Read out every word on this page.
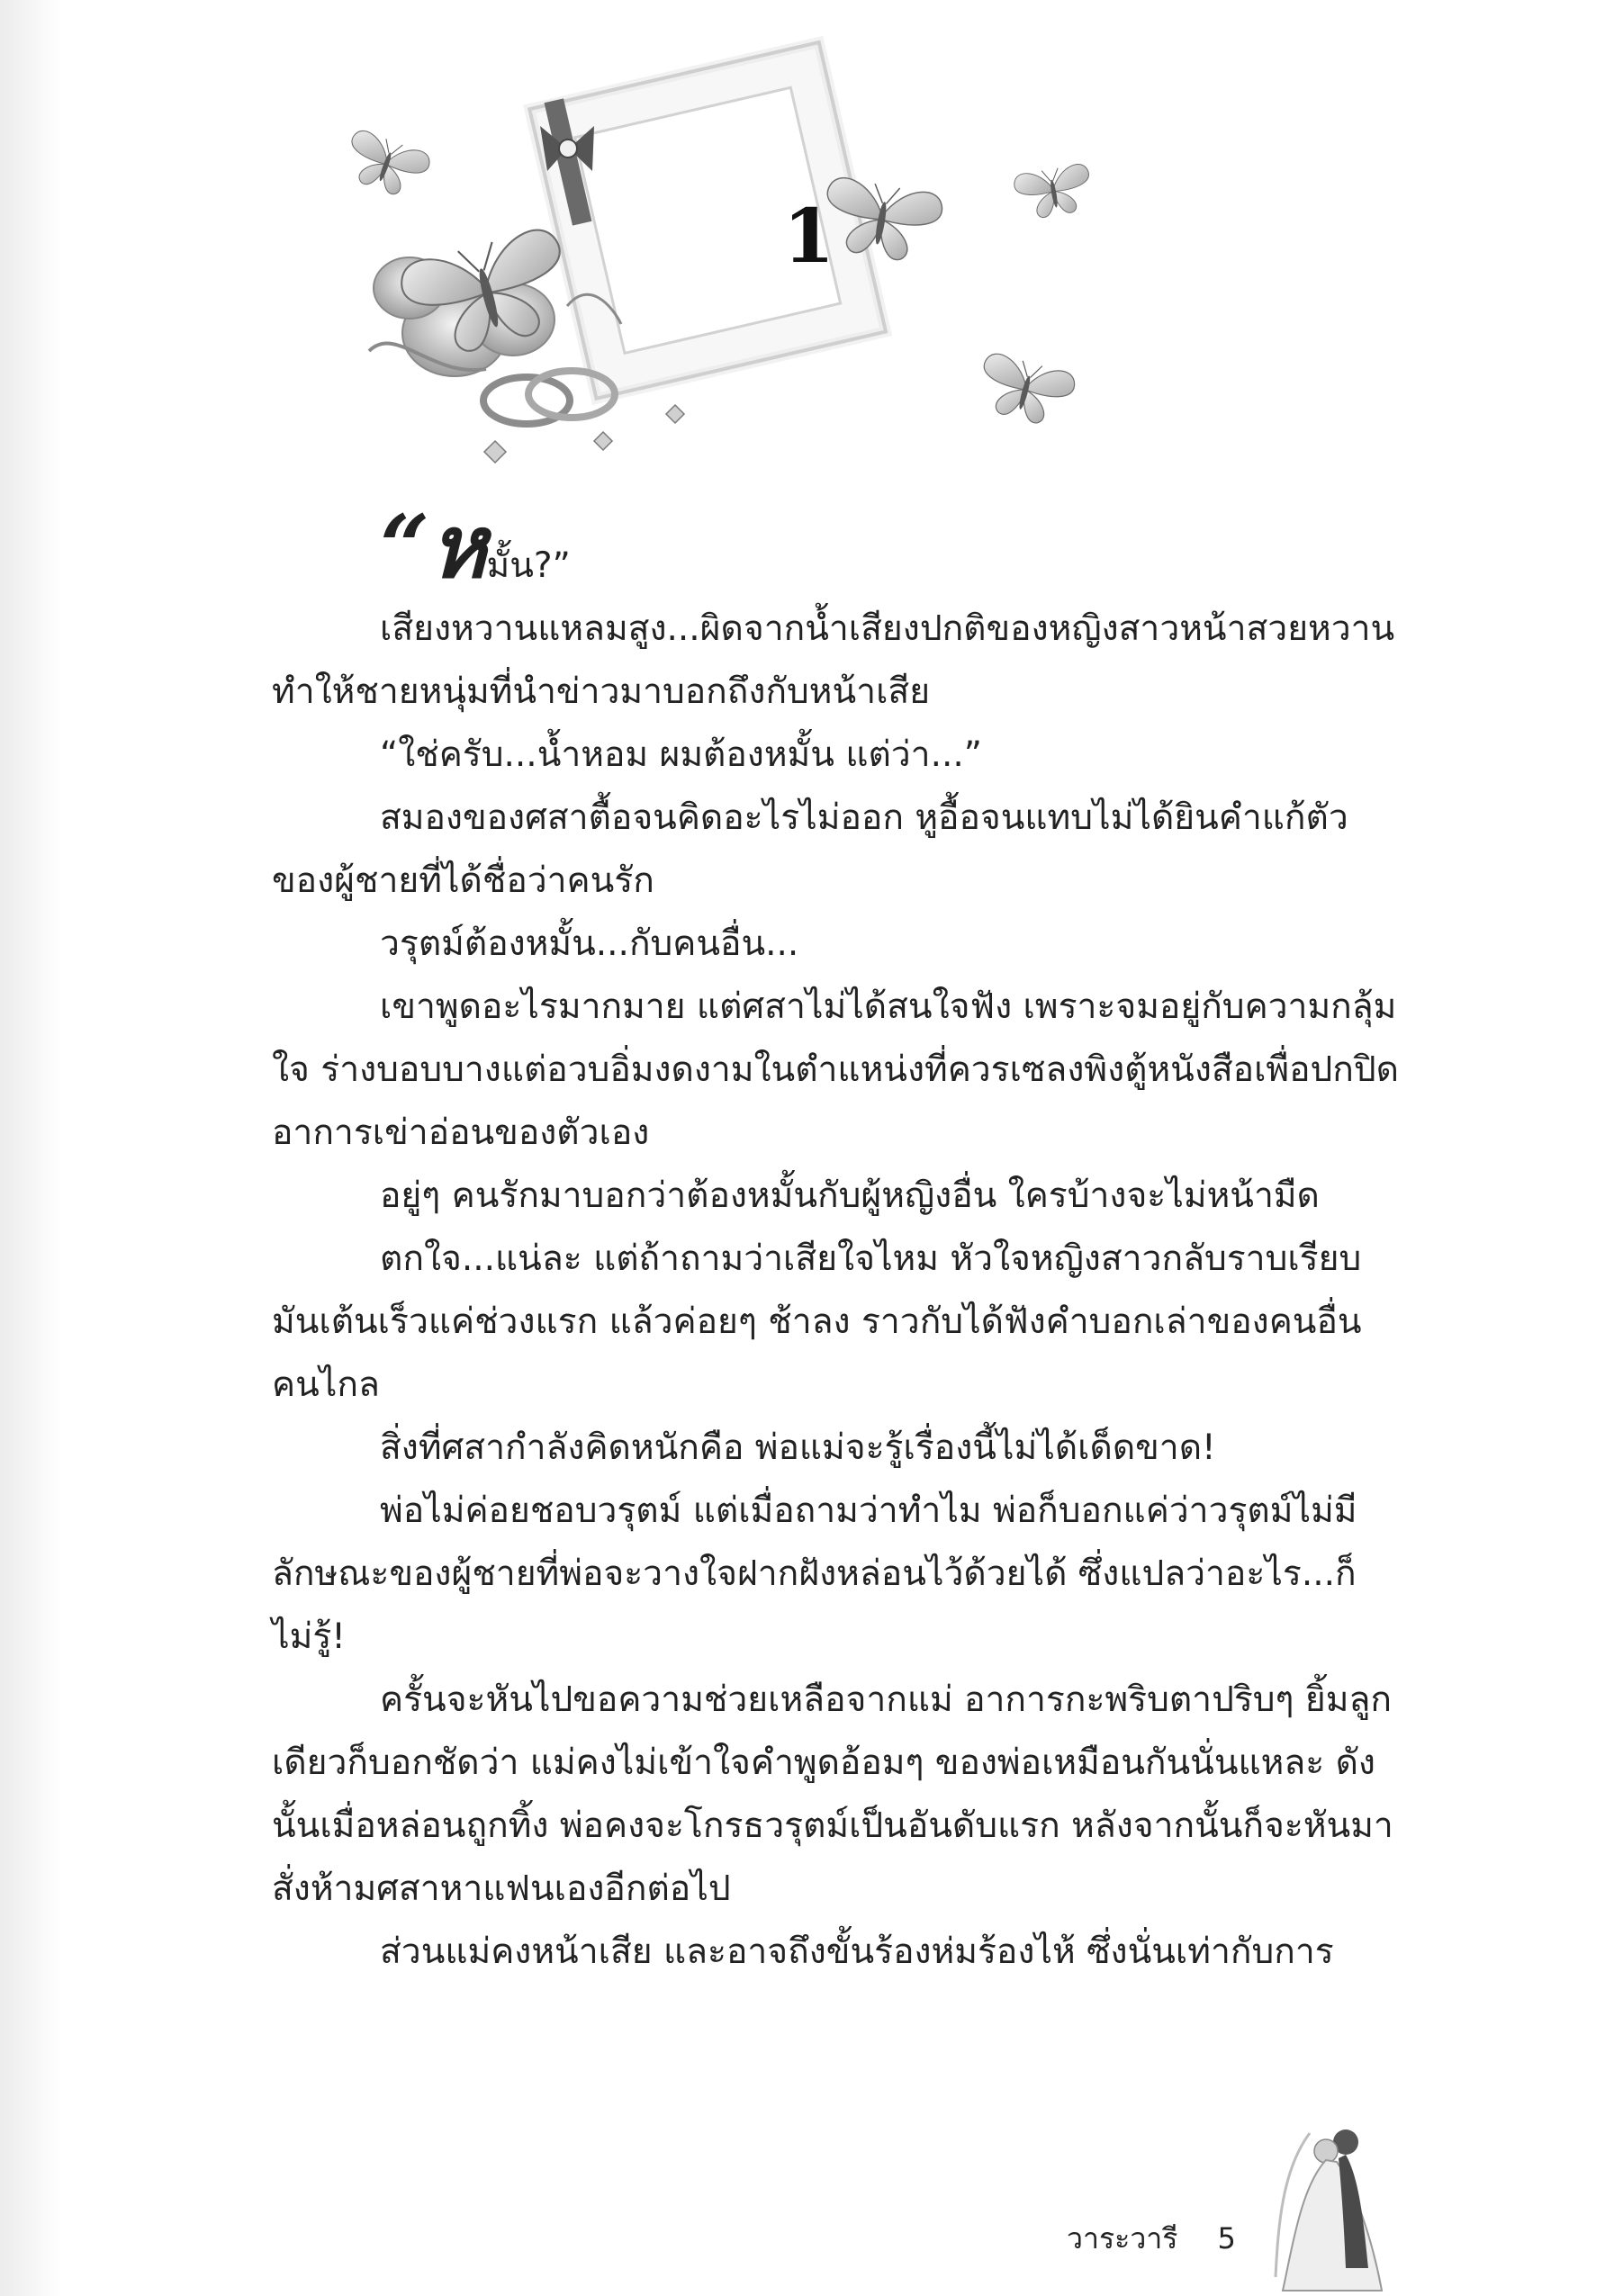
1
“หมั้น?”

เสียงหวานแหลมสูง...ผิดจากน้ำเสียงปกติของหญิงสาวหน้าสวยหวาน ทำให้ชายหนุ่มที่นำข่าวมาบอกถึงกับหน้าเสีย

“ใช่ครับ...น้ำหอม ผมต้องหมั้น แต่ว่า...”

สมองของศสาตื้อจนคิดอะไรไม่ออก หูอื้อจนแทบไม่ได้ยินคำแก้ตัวของผู้ชายที่ได้ชื่อว่าคนรัก

วรุตม์ต้องหมั้น...กับคนอื่น...

เขาพูดอะไรมากมาย แต่ศสาไม่ได้สนใจฟัง เพราะจมอยู่กับความกลุ้มใจ ร่างบอบบางแต่อวบอิ่มงดงามในตำแหน่งที่ควรเซลงพิงตู้หนังสือเพื่อปกปิดอาการเข่าอ่อนของตัวเอง

อยู่ๆ คนรักมาบอกว่าต้องหมั้นกับผู้หญิงอื่น ใครบ้างจะไม่หน้ามืด

ตกใจ...แน่ละ แต่ถ้าถามว่าเสียใจไหม หัวใจหญิงสาวกลับราบเรียบ มันเต้นเร็วแค่ช่วงแรก แล้วค่อยๆ ช้าลง ราวกับได้ฟังคำบอกเล่าของคนอื่นคนไกล

สิ่งที่ศสากำลังคิดหนักคือ พ่อแม่จะรู้เรื่องนี้ไม่ได้เด็ดขาด!

พ่อไม่ค่อยชอบวรุตม์ แต่เมื่อถามว่าทำไม พ่อก็บอกแค่ว่าวรุตม์ไม่มีลักษณะของผู้ชายที่พ่อจะวางใจฝากฝังหล่อนไว้ด้วยได้ ซึ่งแปลว่าอะไร...ก็ไม่รู้!

ครั้นจะหันไปขอความช่วยเหลือจากแม่ อาการกะพริบตาปริบๆ ยิ้มลูกเดียวก็บอกชัดว่า แม่คงไม่เข้าใจคำพูดอ้อมๆ ของพ่อเหมือนกันนั่นแหละ ดังนั้นเมื่อหล่อนถูกทิ้ง พ่อคงจะโกรธวรุตม์เป็นอันดับแรก หลังจากนั้นก็จะหันมาสั่งห้ามศสาหาแฟนเองอีกต่อไป

ส่วนแม่คงหน้าเสีย และอาจถึงขั้นร้องห่มร้องไห้ ซึ่งนั่นเท่ากับการ

วาระวารี 5
